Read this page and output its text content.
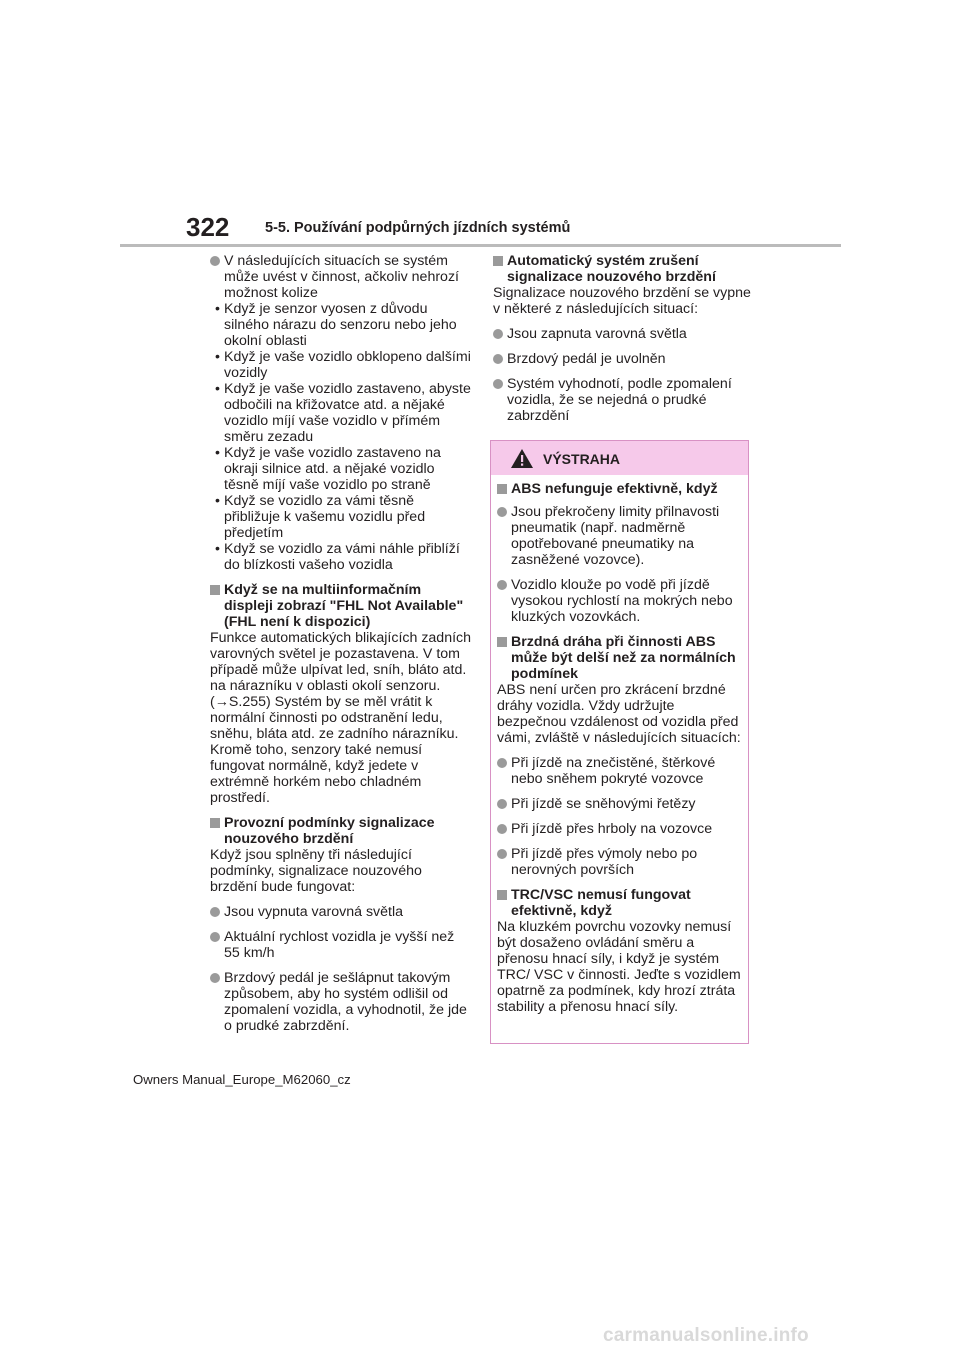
322 5-5. Používání podpůrných jízdních systémů

V následujících situacích se systém může uvést v činnost, ačkoliv nehrozí možnost kolize

• Když je senzor vyosen z důvodu silného nárazu do senzoru nebo jeho okolní oblasti
• Když je vaše vozidlo obklopeno dalšími vozidly
• Když je vaše vozidlo zastaveno, abyste odbočili na křižovatce atd. a nějaké vozidlo míjí vaše vozidlo v přímém směru zezadu
• Když je vaše vozidlo zastaveno na okraji silnice atd. a nějaké vozidlo těsně míjí vaše vozidlo po straně
• Když se vozidlo za vámi těsně přibližuje k vašemu vozidlu před předjetím
• Když se vozidlo za vámi náhle přiblíží do blízkosti vašeho vozidla

Když se na multiinformačním displeji zobrazí "FHL Not Available" (FHL není k dispozici)

Funkce automatických blikajících zadních varovných světel je pozastavena. V tom případě může ulpívat led, sníh, bláto atd. na nárazníku v oblasti okolí senzoru. (→S.255) Systém by se měl vrátit k normální činnosti po odstranění ledu, sněhu, bláta atd. ze zadního nárazníku. Kromě toho, senzory také nemusí fungovat normálně, když jedete v extrémně horkém nebo chladném prostředí.

Provozní podmínky signalizace nouzového brzdění

Když jsou splněny tři následující podmínky, signalizace nouzového brzdění bude fungovat:

Jsou vypnuta varovná světla

Aktuální rychlost vozidla je vyšší než 55 km/h

Brzdový pedál je sešlápnut takovým způsobem, aby ho systém odlišil od zpomalení vozidla, a vyhodnotil, že jde o prudké zabrzdění.

Automatický systém zrušení signalizace nouzového brzdění

Signalizace nouzového brzdění se vypne v některé z následujících situací:

Jsou zapnuta varovná světla

Brzdový pedál je uvolněn

Systém vyhodnotí, podle zpomalení vozidla, že se nejedná o prudké zabrzdění

VÝSTRAHA

ABS nefunguje efektivně, když

Jsou překročeny limity přilnavosti pneumatik (např. nadměrně opotřebované pneumatiky na zasněžené vozovce).

Vozidlo klouže po vodě při jízdě vysokou rychlostí na mokrých nebo kluzkých vozovkách.

Brzdná dráha při činnosti ABS může být delší než za normálních podmínek

ABS není určen pro zkrácení brzdné dráhy vozidla. Vždy udržujte bezpečnou vzdálenost od vozidla před vámi, zvláště v následujících situacích:

Při jízdě na znečistěné, štěrkové nebo sněhem pokryté vozovce

Při jízdě se sněhovými řetězy

Při jízdě přes hrboly na vozovce

Při jízdě přes výmoly nebo po nerovných površích

TRC/VSC nemusí fungovat efektivně, když

Na kluzkém povrchu vozovky nemusí být dosaženo ovládání směru a přenosu hnací síly, i když je systém TRC/ VSC v činnosti. Jeďte s vozidlem opatrně za podmínek, kdy hrozí ztráta stability a přenosu hnací síly.

Owners Manual_Europe_M62060_cz
carmanualsonline.info
